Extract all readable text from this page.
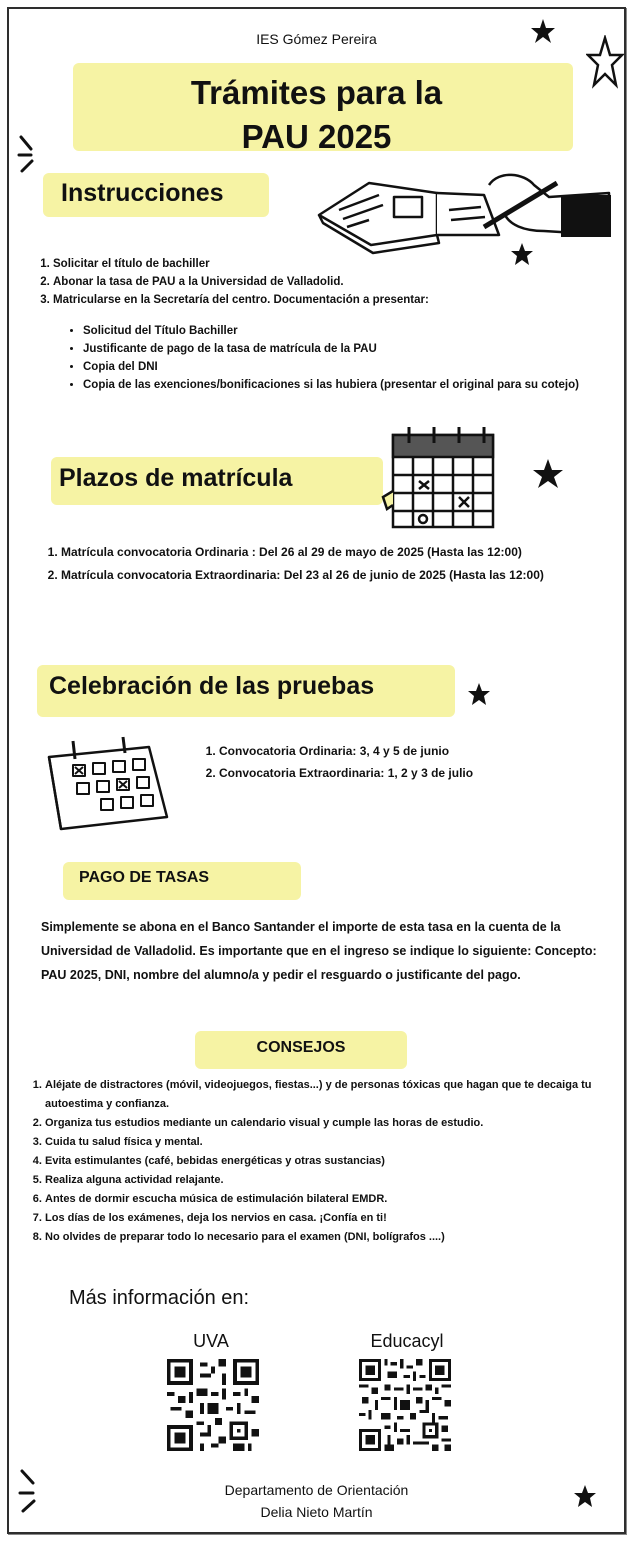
IES Gómez Pereira
Trámites para la
PAU 2025
Instrucciones
1. Solicitar el título de bachiller
2. Abonar la tasa de PAU a la Universidad de Valladolid.
3. Matricularse en la Secretaría del centro. Documentación a presentar:
• Solicitud del Título Bachiller
• Justificante de pago de la tasa de matrícula de la PAU
• Copia del DNI
• Copia de las exenciones/bonificaciones si las hubiera (presentar el original para su cotejo)
Plazos de matrícula
1. Matrícula convocatoria Ordinaria : Del 26 al 29 de mayo de 2025 (Hasta las 12:00)
2. Matrícula convocatoria Extraordinaria: Del 23 al 26 de junio de 2025 (Hasta las 12:00)
Celebración de las pruebas
1. Convocatoria Ordinaria: 3, 4 y 5 de junio
2. Convocatoria Extraordinaria: 1, 2 y 3 de julio
PAGO DE TASAS
Simplemente se abona en el Banco Santander el importe de esta tasa en la cuenta de la Universidad de Valladolid. Es importante que en el ingreso se indique lo siguiente: Concepto: PAU 2025, DNI, nombre del alumno/a y pedir el resguardo o justificante del pago.
CONSEJOS
1. Aléjate de distractores (móvil, videojuegos, fiestas...) y de personas tóxicas que hagan que te decaiga tu autoestima y confianza.
2. Organiza tus estudios mediante un calendario visual y cumple las horas de estudio.
3. Cuida tu salud física y mental.
4. Evita estimulantes (café, bebidas energéticas y otras sustancias)
5. Realiza alguna actividad relajante.
6. Antes de dormir escucha música de estimulación bilateral EMDR.
7. Los días de los exámenes, deja los nervios en casa. ¡Confía en ti!
8. No olvides de preparar todo lo necesario para el examen (DNI, bolígrafos ....)
Más información en:
UVA	Educacyl
Departamento de Orientación
Delia Nieto Martín
